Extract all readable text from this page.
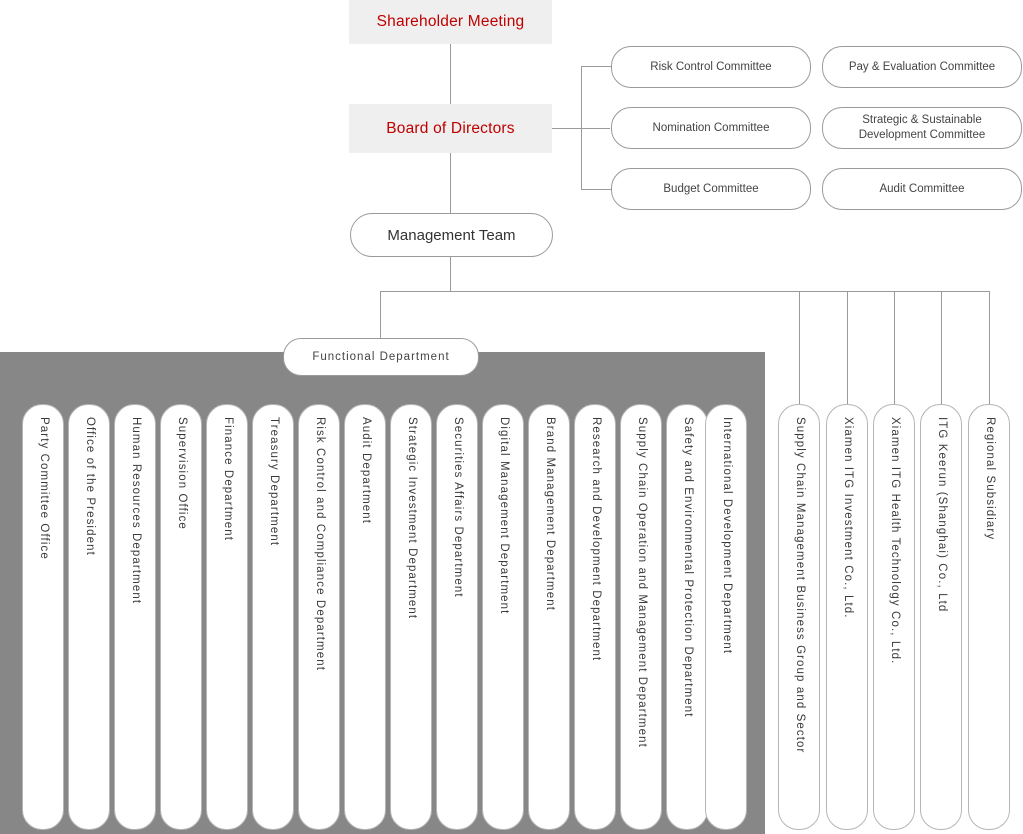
Shareholder Meeting
Board of Directors
Management Team
Functional Department
Risk Control Committee	Pay & Evaluation Committee
Nomination Committee
Strategic & Sustainable Development Committee
Budget Committee	Audit Committee
Party Committee Office	Office of the President	Human Resources Department	Supervision Office	Finance Department	Treasury Department	Risk Control and Compliance Department	Audit Department	Strategic Investment Department	Securities Affairs Department	Digital Management Department	Brand Management Department	Research and Development Department	Supply Chain Operation and Management Department	Safety and Environmental Protection Department International Development Department	Supply Chain Management Business Group and Sector	Xiamen ITG Investment Co., Ltd.	Xiamen ITG Health Technology Co., Ltd.	ITG Keerun (Shanghai) Co., Ltd	Regional Subsidiary
